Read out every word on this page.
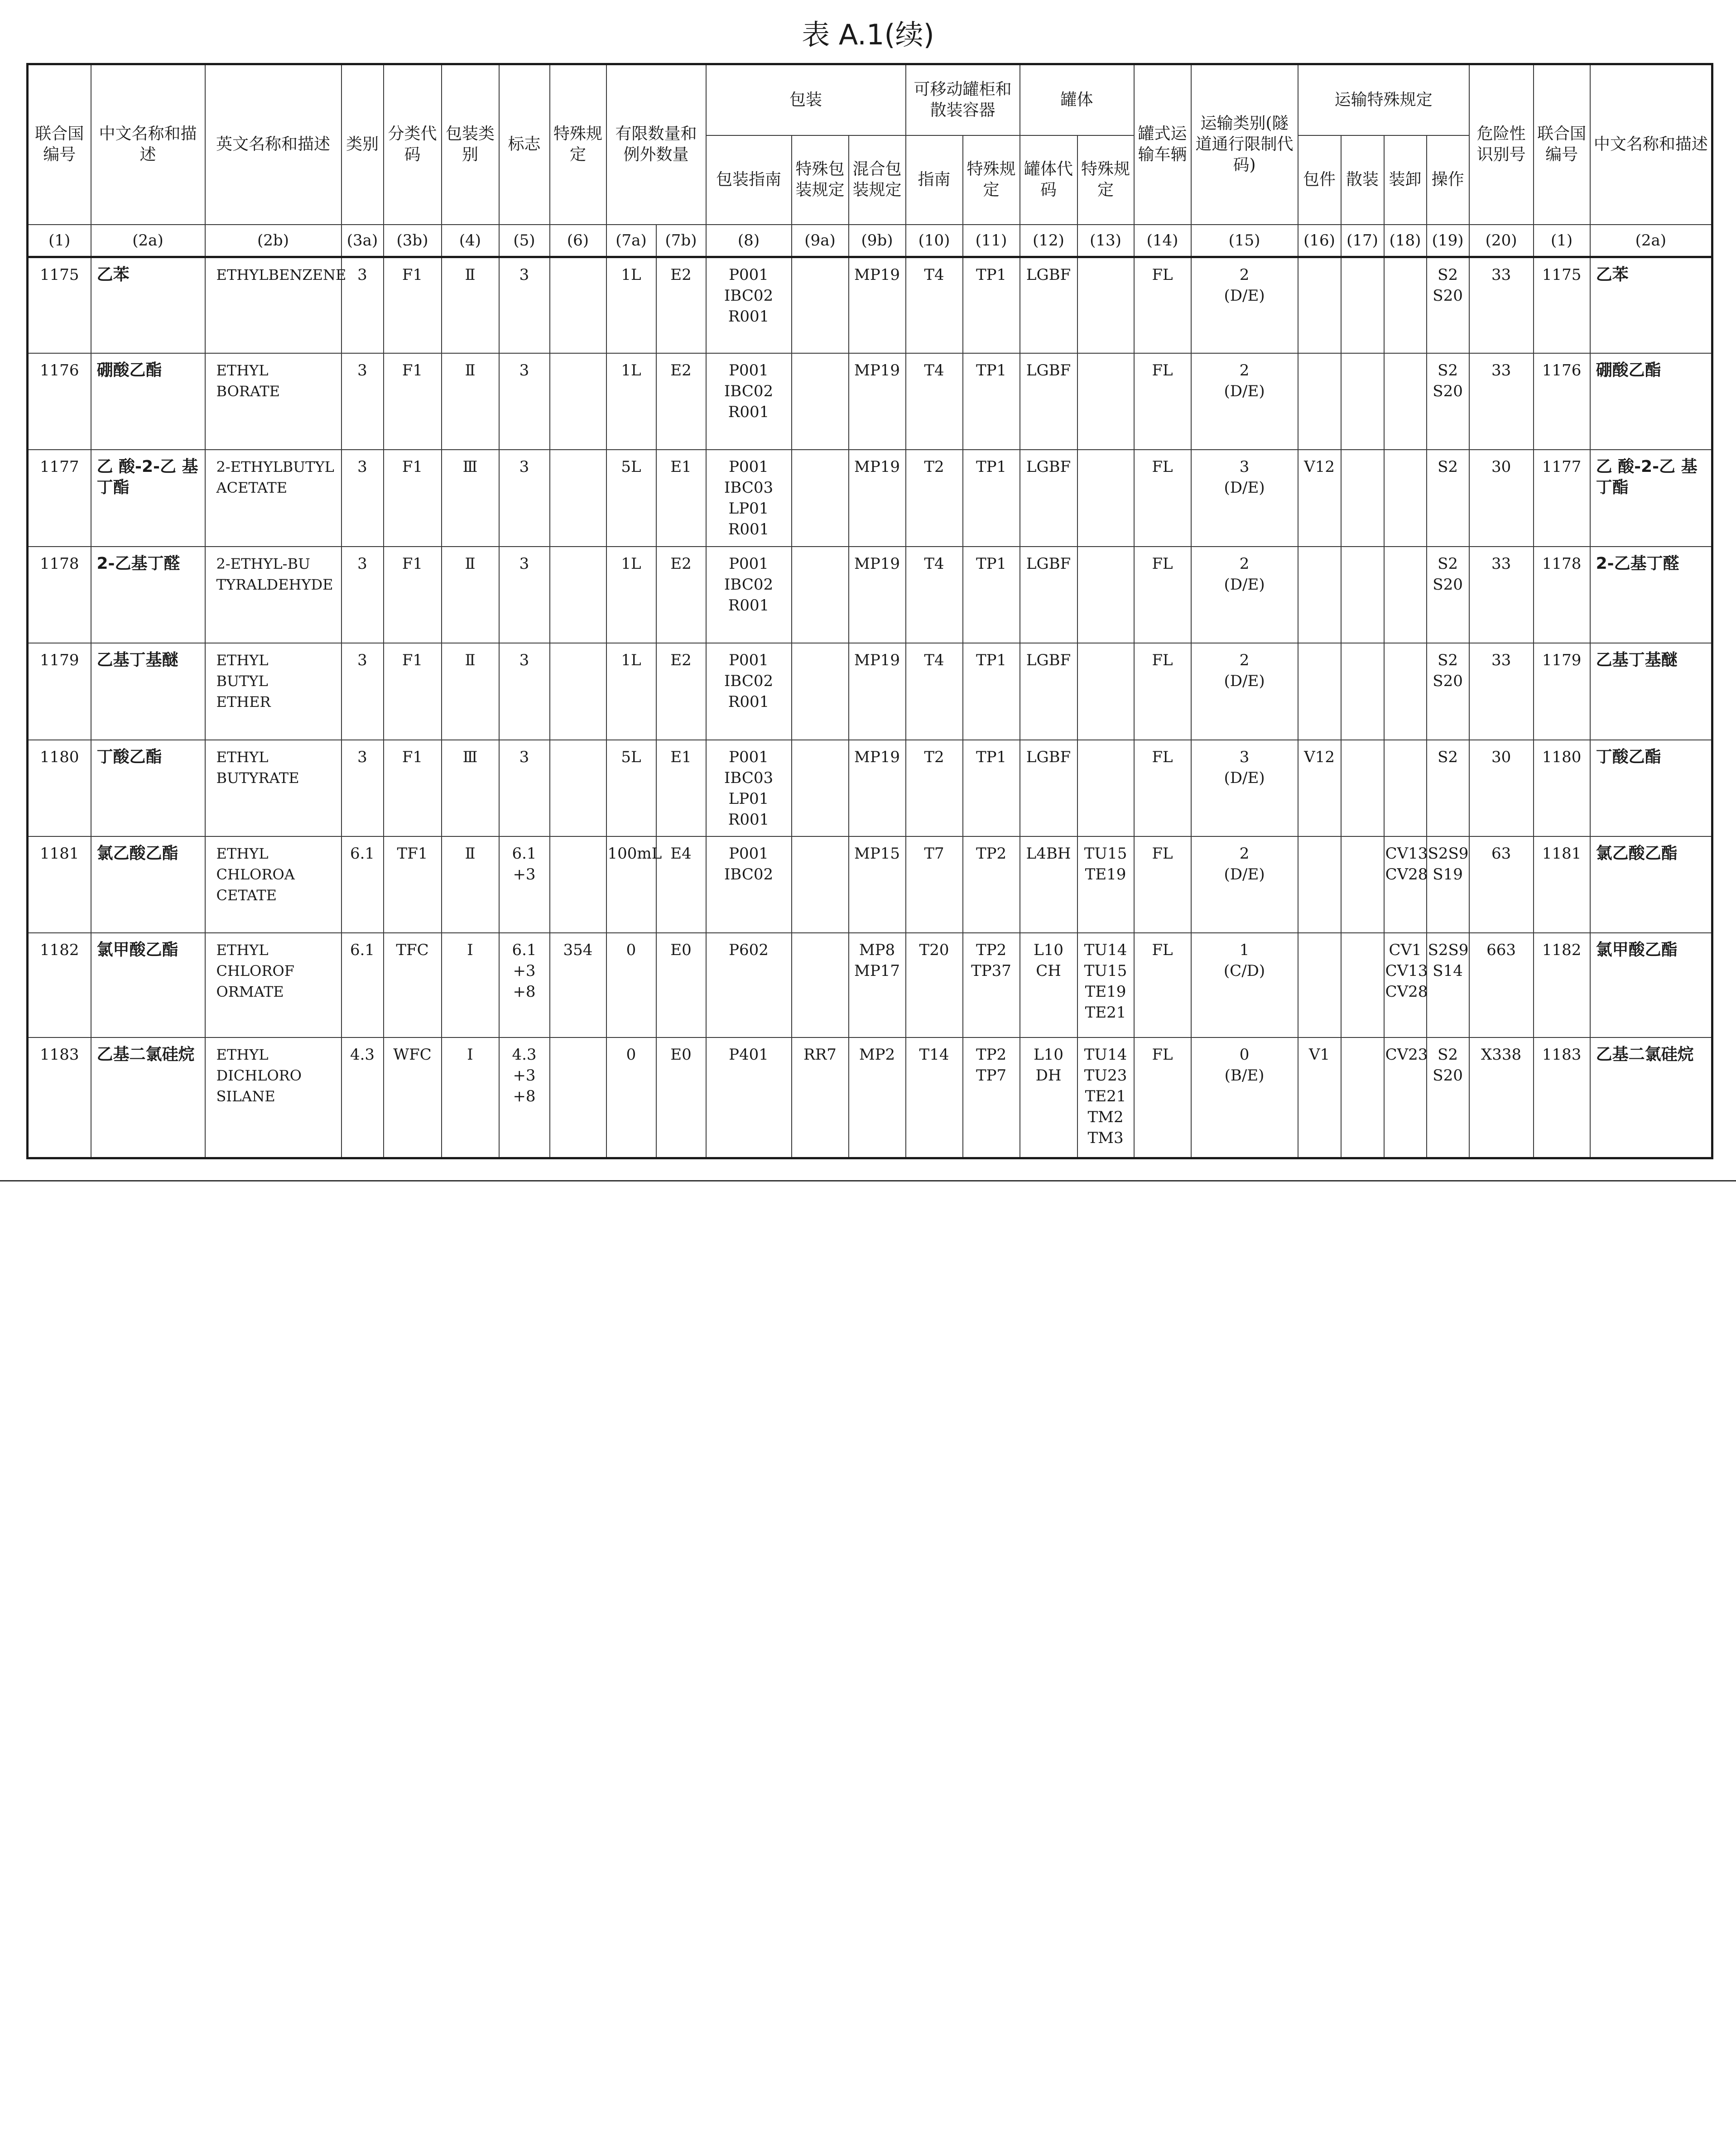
表 A.1(续)
联合国编号	中文名称和描述	英文名称和描述	类别	分类代码	包装类别	标志	特殊规定	有限数量和例外数量		包装			可移动罐柜和散装容器		罐体		罐式运输车辆	运输类别(隧道通行限制代码)	运输特殊规定				危险性识别号	联合国编号	中文名称和描述
										包装指南	特殊包装规定	混合包装规定	指南	特殊规定	罐体代码	特殊规定			包件	散装	装卸	操作			
(1)	(2a)	(2b)	(3a)	(3b)	(4)	(5)	(6)	(7a)	(7b)	(8)	(9a)	(9b)	(10)	(11)	(12)	(13)	(14)	(15)	(16)	(17)	(18)	(19)	(20)	(1)	(2a)

1175	乙苯	ETHYLBENZENE	3	F1	Ⅱ	3		1L	E2	P001
IBC02
R001		MP19	T4	TP1	LGBF		FL	2
(D/E)				S2
S20	33	1175	乙苯

1176	硼酸乙酯	ETHYL
BORATE	3	F1	Ⅱ	3		1L	E2	P001
IBC02
R001		MP19	T4	TP1	LGBF		FL	2
(D/E)				S2
S20	33	1176	硼酸乙酯

1177	乙 酸-2-乙 基丁酯	2-ETHYLBUTYL
ACETATE	3	F1	Ⅲ	3		5L	E1	P001
IBC03
LP01
R001		MP19	T2	TP1	LGBF		FL	3
(D/E)	V12			S2	30	1177	乙 酸-2-乙 基丁酯

1178	2-乙基丁醛	2-ETHYL-BU
TYRALDEHYDE	3	F1	Ⅱ	3		1L	E2	P001
IBC02
R001		MP19	T4	TP1	LGBF		FL	2
(D/E)				S2
S20	33	1178	2-乙基丁醛

1179	乙基丁基醚	ETHYL
BUTYL
ETHER	3	F1	Ⅱ	3		1L	E2	P001
IBC02
R001		MP19	T4	TP1	LGBF		FL	2
(D/E)				S2
S20	33	1179	乙基丁基醚

1180	丁酸乙酯	ETHYL
BUTYRATE	3	F1	Ⅲ	3		5L	E1	P001
IBC03
LP01
R001		MP19	T2	TP1	LGBF		FL	3
(D/E)	V12			S2	30	1180	丁酸乙酯

1181	氯乙酸乙酯	ETHYL
CHLOROA
CETATE	6.1	TF1	Ⅱ	6.1
+3		100mL	E4	P001
IBC02		MP15	T7	TP2	L4BH	TU15
TE19	FL	2
(D/E)			CV13
CV28	S2S9
S19	63	1181	氯乙酸乙酯

1182	氯甲酸乙酯	ETHYL
CHLOROF
ORMATE	6.1	TFC	I	6.1
+3
+8	354	0	E0	P602		MP8
MP17	T20	TP2
TP37	L10
CH	TU14
TU15
TE19
TE21	FL	1
(C/D)			CV1
CV13
CV28	S2S9
S14	663	1182	氯甲酸乙酯

1183	乙基二氯硅烷	ETHYL
DICHLORO
SILANE	4.3	WFC	I	4.3
+3
+8		0	E0	P401	RR7	MP2	T14	TP2
TP7	L10
DH	TU14
TU23
TE21
TM2
TM3	FL	0
(B/E)	V1		CV23	S2
S20	X338	1183	乙基二氯硅烷
